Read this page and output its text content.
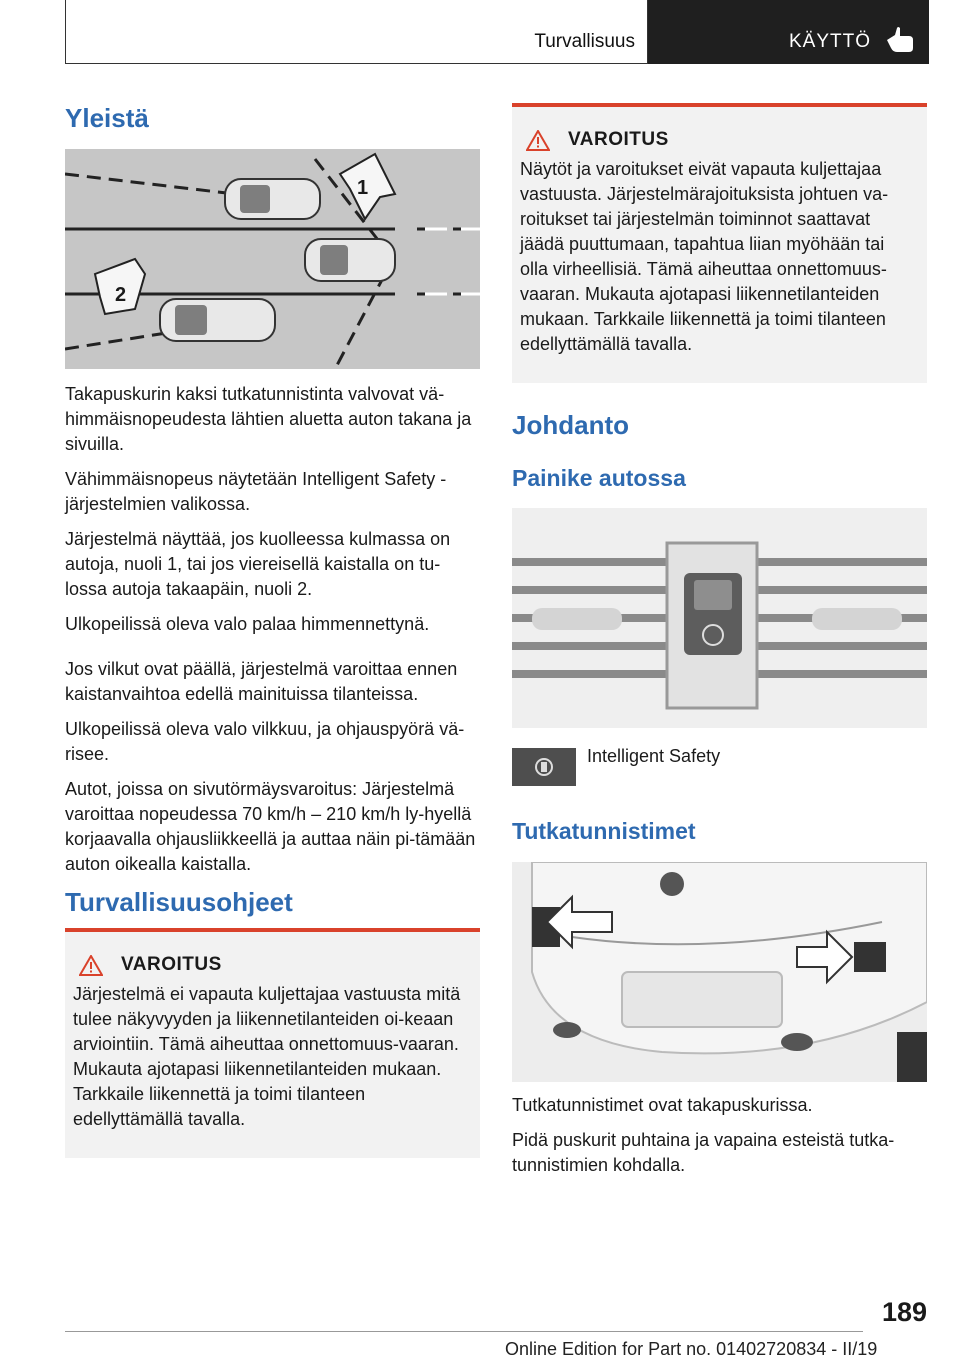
Turvallisuus	KÄYTTÖ
Yleistä
1
2

Takapuskurin kaksi tutkatunnistinta valvovat vä-himmäisnopeudesta lähtien aluetta auton takana ja sivuilla.

Vähimmäisnopeus näytetään Intelligent Safety -järjestelmien valikossa.

Järjestelmä näyttää, jos kuolleessa kulmassa on autoja, nuoli 1, tai jos viereisellä kaistalla on tu-lossa autoja takaapäin, nuoli 2.

Ulkopeilissä oleva valo palaa himmennettynä.

Jos vilkut ovat päällä, järjestelmä varoittaa ennen kaistanvaihtoa edellä mainituissa tilanteissa.

Ulkopeilissä oleva valo vilkkuu, ja ohjauspyörä vä-risee.

Autot, joissa on sivutörmäysvaroitus: Järjestelmä varoittaa nopeudessa 70 km/h – 210 km/h ly-hyellä korjaavalla ohjausliikkeellä ja auttaa näin pi-tämään auton oikealla kaistalla.

Turvallisuusohjeet
VAROITUS

Järjestelmä ei vapauta kuljettajaa vastuusta mitä tulee näkyvyyden ja liikennetilanteiden oi-keaan arviointiin. Tämä aiheuttaa onnettomuus-vaaran. Mukauta ajotapasi liikennetilanteiden mukaan. Tarkkaile liikennettä ja toimi tilanteen edellyttämällä tavalla.

VAROITUS

Näytöt ja varoitukset eivät vapauta kuljettajaa vastuusta. Järjestelmärajoituksista johtuen va-roitukset tai järjestelmän toiminnot saattavat jäädä puuttumaan, tapahtua liian myöhään tai olla virheellisiä. Tämä aiheuttaa onnettomuus-vaaran. Mukauta ajotapasi liikennetilanteiden mukaan. Tarkkaile liikennettä ja toimi tilanteen edellyttämällä tavalla.

Johdanto
Painike autossa
Intelligent Safety
Tutkatunnistimet

Tutkatunnistimet ovat takapuskurissa.

Pidä puskurit puhtaina ja vapaina esteistä tutka-tunnistimien kohdalla.

189
Online Edition for Part no. 01402720834 - II/19
